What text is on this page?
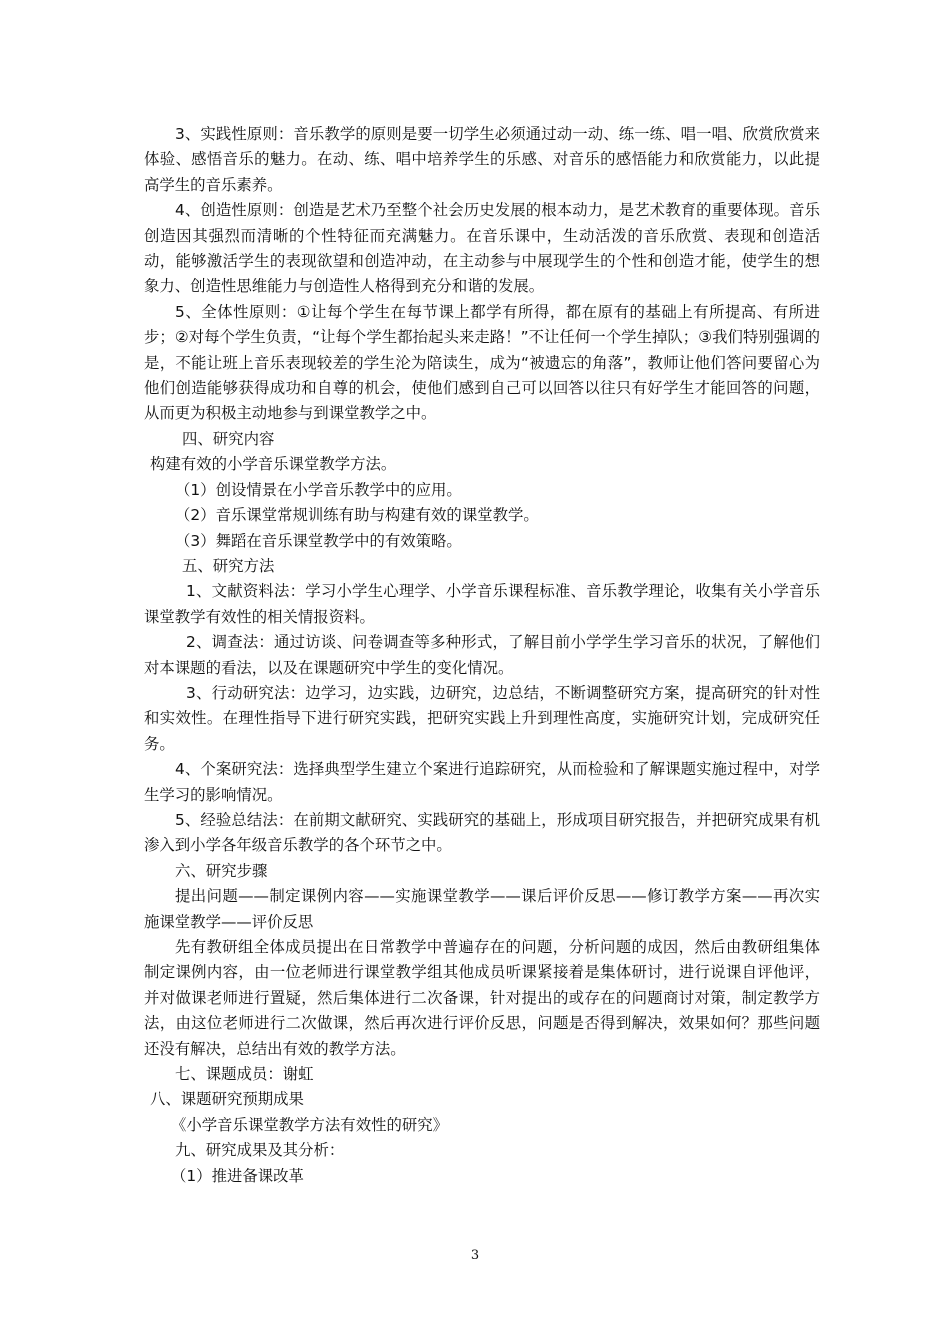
3、实践性原则：音乐教学的原则是要一切学生必须通过动一动、练一练、唱一唱、欣赏欣赏来体验、感悟音乐的魅力。在动、练、唱中培养学生的乐感、对音乐的感悟能力和欣赏能力，以此提高学生的音乐素养。

4、创造性原则：创造是艺术乃至整个社会历史发展的根本动力，是艺术教育的重要体现。音乐创造因其强烈而清晰的个性特征而充满魅力。在音乐课中，生动活泼的音乐欣赏、表现和创造活动，能够激活学生的表现欲望和创造冲动，在主动参与中展现学生的个性和创造才能，使学生的想象力、创造性思维能力与创造性人格得到充分和谐的发展。

5、全体性原则：①让每个学生在每节课上都学有所得，都在原有的基础上有所提高、有所进步；②对每个学生负责，“让每个学生都抬起头来走路！”不让任何一个学生掉队；③我们特别强调的是，不能让班上音乐表现较差的学生沦为陪读生，成为“被遗忘的角落”，教师让他们答问要留心为他们创造能够获得成功和自尊的机会，使他们感到自己可以回答以往只有好学生才能回答的问题，从而更为积极主动地参与到课堂教学之中。

四、研究内容

构建有效的小学音乐课堂教学方法。

（1）创设情景在小学音乐教学中的应用。

（2）音乐课堂常规训练有助与构建有效的课堂教学。

（3）舞蹈在音乐课堂教学中的有效策略。

五、研究方法

1、文献资料法：学习小学生心理学、小学音乐课程标准、音乐教学理论，收集有关小学音乐课堂教学有效性的相关情报资料。

2、调查法：通过访谈、问卷调查等多种形式，了解目前小学学生学习音乐的状况，了解他们对本课题的看法，以及在课题研究中学生的变化情况。

3、行动研究法：边学习，边实践，边研究，边总结，不断调整研究方案，提高研究的针对性和实效性。在理性指导下进行研究实践，把研究实践上升到理性高度，实施研究计划，完成研究任务。

4、个案研究法：选择典型学生建立个案进行追踪研究，从而检验和了解课题实施过程中，对学生学习的影响情况。

5、经验总结法：在前期文献研究、实践研究的基础上，形成项目研究报告，并把研究成果有机渗入到小学各年级音乐教学的各个环节之中。

六、研究步骤

提出问题——制定课例内容——实施课堂教学——课后评价反思——修订教学方案——再次实施课堂教学——评价反思

先有教研组全体成员提出在日常教学中普遍存在的问题，分析问题的成因，然后由教研组集体制定课例内容，由一位老师进行课堂教学组其他成员听课紧接着是集体研讨，进行说课自评他评，并对做课老师进行置疑，然后集体进行二次备课，针对提出的或存在的问题商讨对策，制定教学方法，由这位老师进行二次做课，然后再次进行评价反思，问题是否得到解决，效果如何？那些问题还没有解决，总结出有效的教学方法。

七、课题成员：谢虹

八、课题研究预期成果

《小学音乐课堂教学方法有效性的研究》

九、研究成果及其分析：

（1）推进备课改革

3
